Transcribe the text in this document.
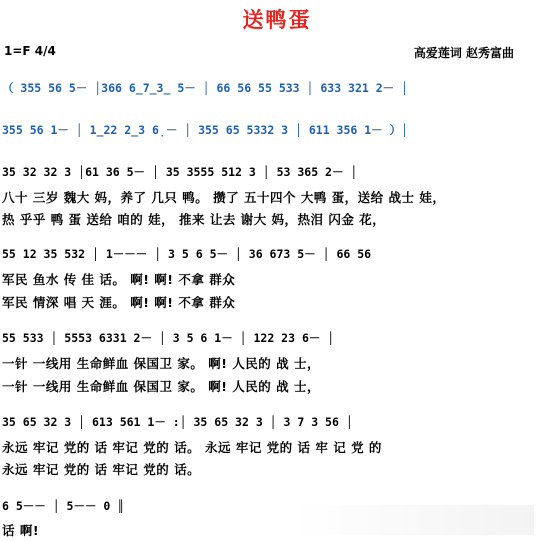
送鸭蛋
1=F 4/4	高爱莲词 赵秀富曲
（ 355 56 5－ │366 6̲7̲3̲ 5－ │ 66 56 55 533 │ 633 321 2－ │
355 56 1－ │ 1̲22 2̲3 6̣－ │ 355 65 5332 3 │ 611 356 1－ ）│
35 32 32 3 │61 36 5－ │ 35 3555 512 3 │ 53 365 2－ │
八十 三岁 魏大 妈，养了 几只 鸭。 攒了 五十四个 大鸭 蛋，送给 战士 娃，
热 乎乎 鸭 蛋 送给 咱的 娃， 推来 让去 谢大 妈，热泪 闪金 花，
55 12 35 532 │ 1－－－ │ 3 5 6 5－ │ 36 673 5－ │ 66 56
军民 鱼水 传 佳 话。 啊! 啊! 不拿 群众
军民 情深 唱 天 涯。 啊! 啊! 不拿 群众
55 533 │ 5553 6331 2－ │ 3 5 6 1－ │ 122 23 6－ │
一针 一线用 生命鲜血 保国卫 家。 啊! 人民的 战 士，
一针 一线用 生命鲜血 保国卫 家。 啊! 人民的 战 士，
35 65 32 3 │ 613 561 1－ :│ 35 65 32 3 │ 3 7 3 56 │
永远 牢记 党的 话 牢记 党的 话。 永远 牢记 党的 话 牢 记 党 的
永远 牢记 党的 话 牢记 党的 话。
6 5－－ │ 5－－ 0 ║
话 啊!
